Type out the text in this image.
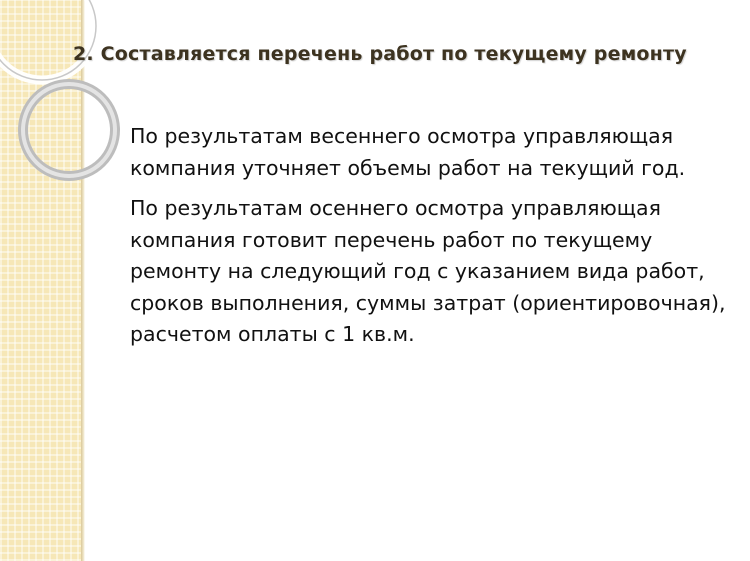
2. Составляется перечень работ по текущему ремонту

По результатам весеннего осмотра управляющая компания уточняет объемы работ на текущий год.

По результатам осеннего осмотра управляющая компания готовит перечень работ по текущему ремонту на следующий год с указанием вида работ, сроков выполнения, суммы затрат (ориентировочная), расчетом оплаты с 1 кв.м.
